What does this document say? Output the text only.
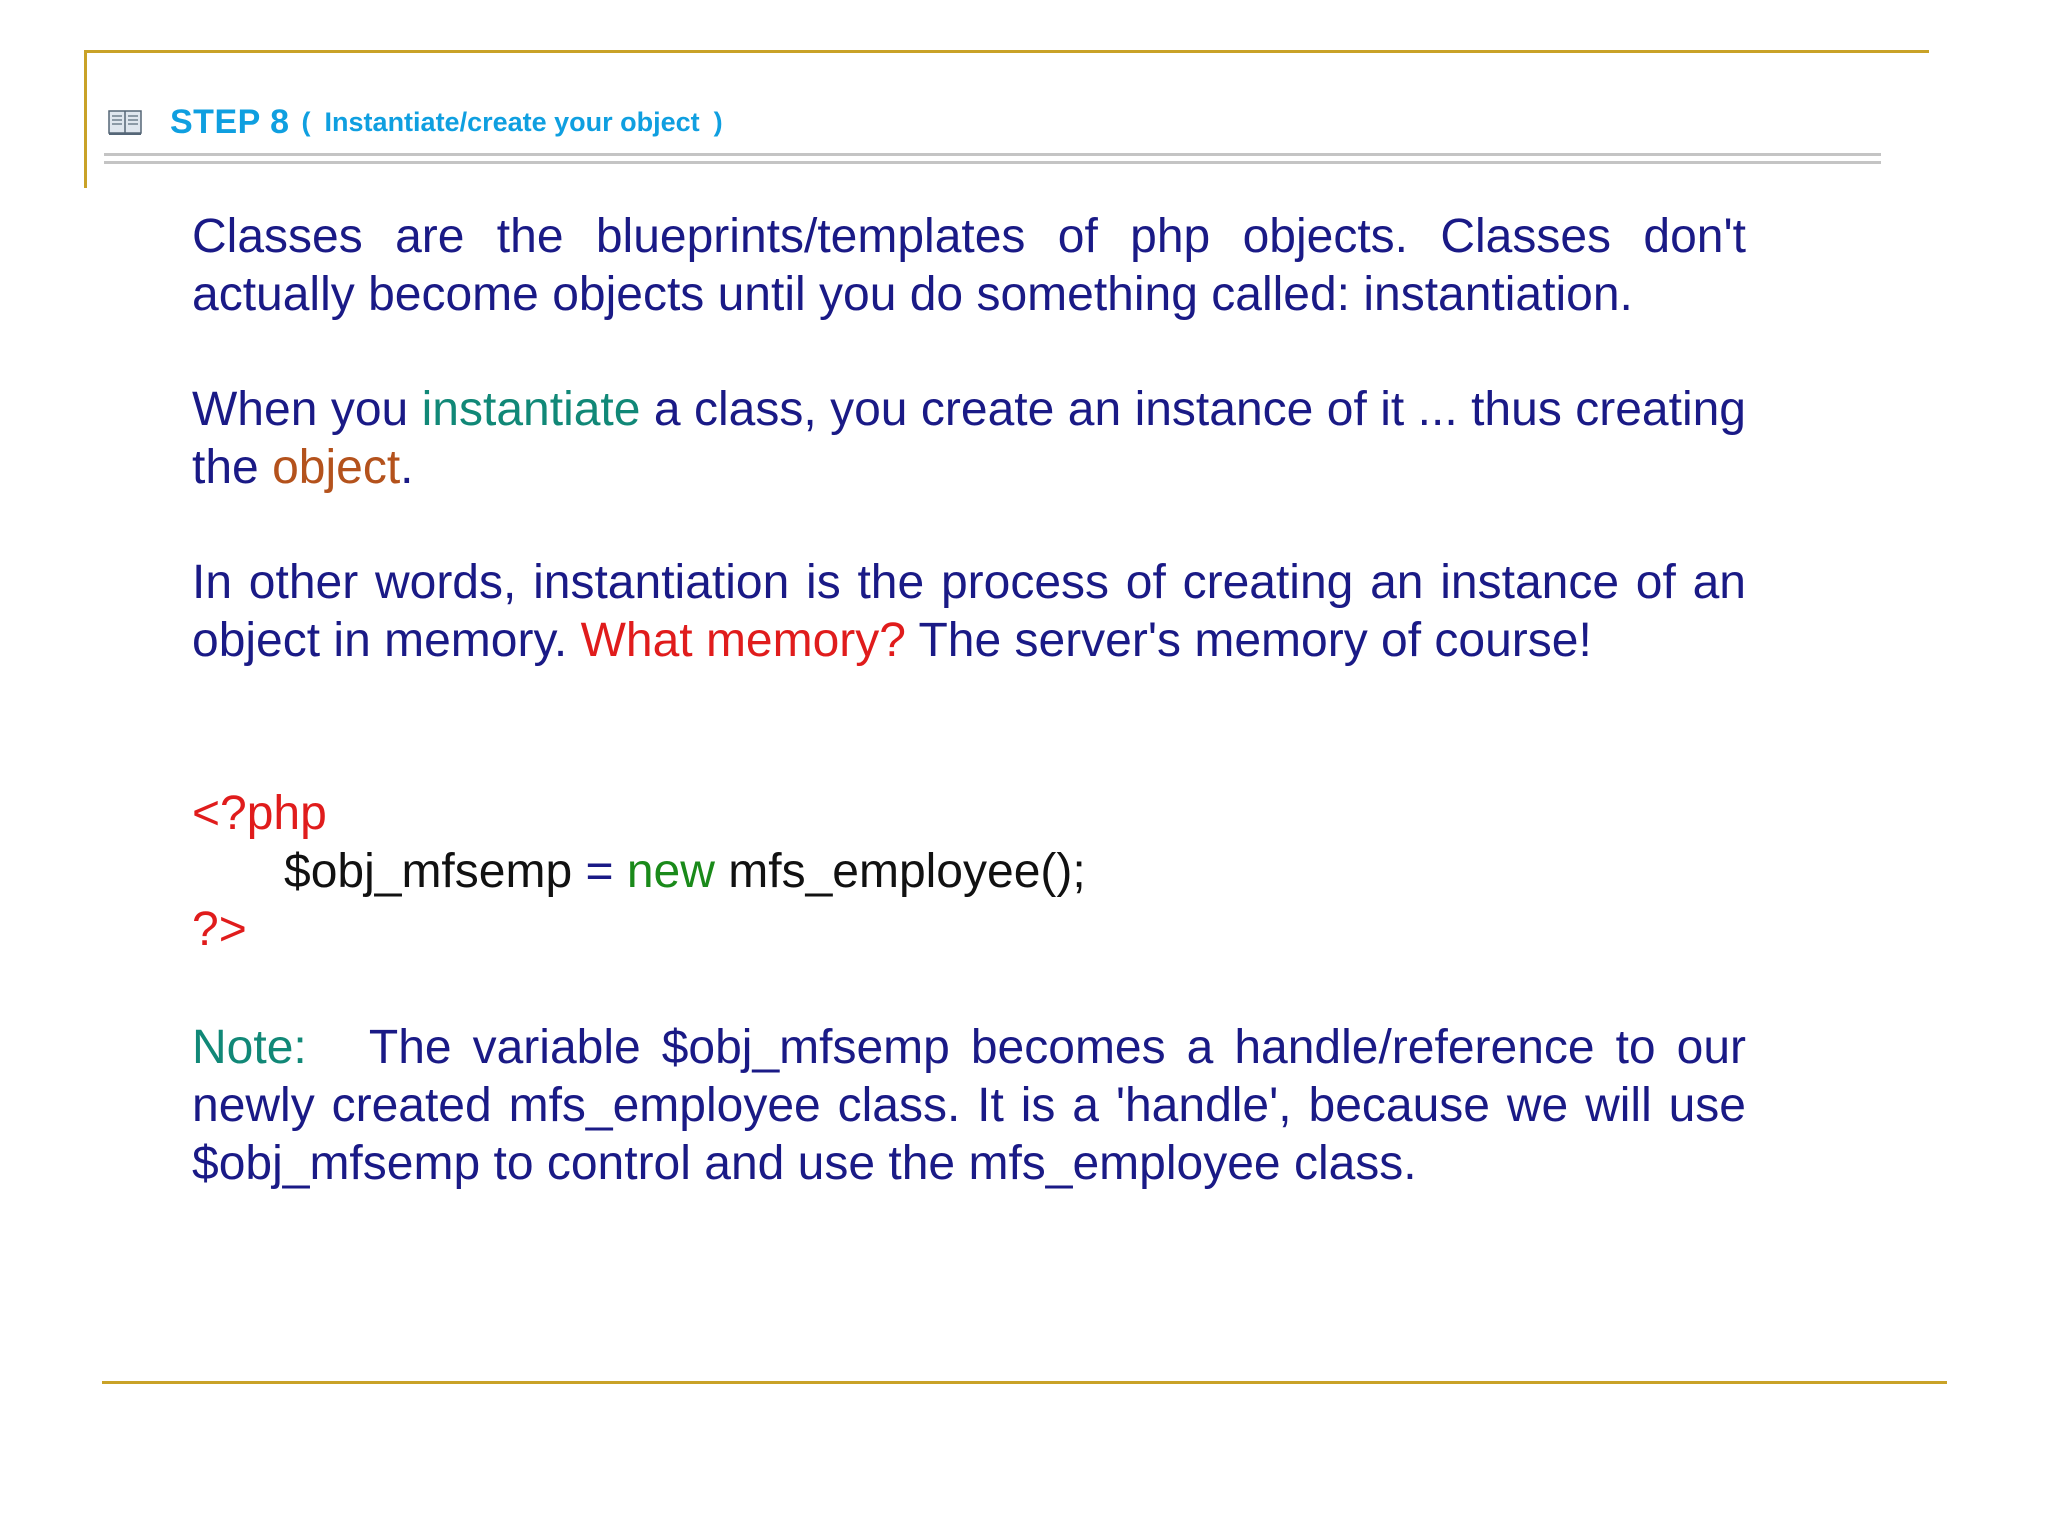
STEP 8 ( Instantiate/create your object )

Classes are the blueprints/templates of php objects. Classes don't actually become objects until you do something called: instantiation.

When you instantiate a class, you create an instance of it ... thus creating the object.

In other words, instantiation is the process of creating an instance of an object in memory. What memory? The server's memory of course!

<?php
$obj_mfsemp = new mfs_employee();
?>

Note: The variable $obj_mfsemp becomes a handle/reference to our newly created mfs_employee class. It is a 'handle', because we will use $obj_mfsemp to control and use the mfs_employee class.
